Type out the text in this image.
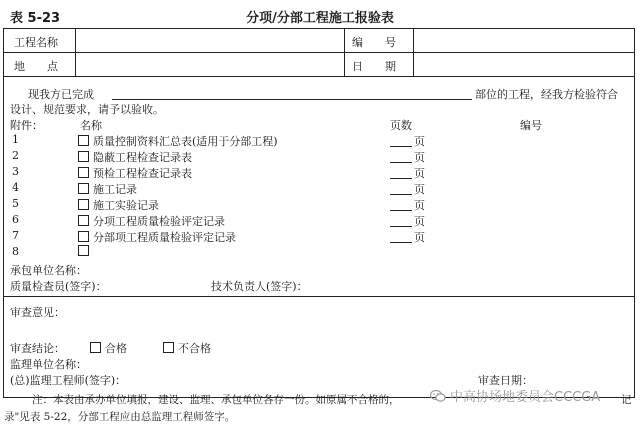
表 5-23	分项/分部工程施工报验表
工程名称	编　　号
地　　点	日　　期
现我方已完成	部位的工程，经我方检验符合
设计、规范要求，请予以验收。
附件：	名称	页数	编号
1	质量控制资料汇总表(适用于分部工程)	页
2	隐蔽工程检查记录表	页
3	预检工程检查记录表	页
4	施工记录	页
5	施工实验记录	页
6	分项工程质量检验评定记录	页
7	分部项工程质量检验评定记录	页
8
承包单位名称：
质量检查员(签字)：	技术负责人(签字)：
审查意见：
审查结论：	合格	不合格
监理单位名称：
(总)监理工程师(签字)：	审查日期：
注：本表由承办单位填报，建设、监理、承包单位各存一份。如原属不合格的，	记
录"见表 5-22，分部工程应由总监理工程师签字。
中高协场地委员会CCCGA
